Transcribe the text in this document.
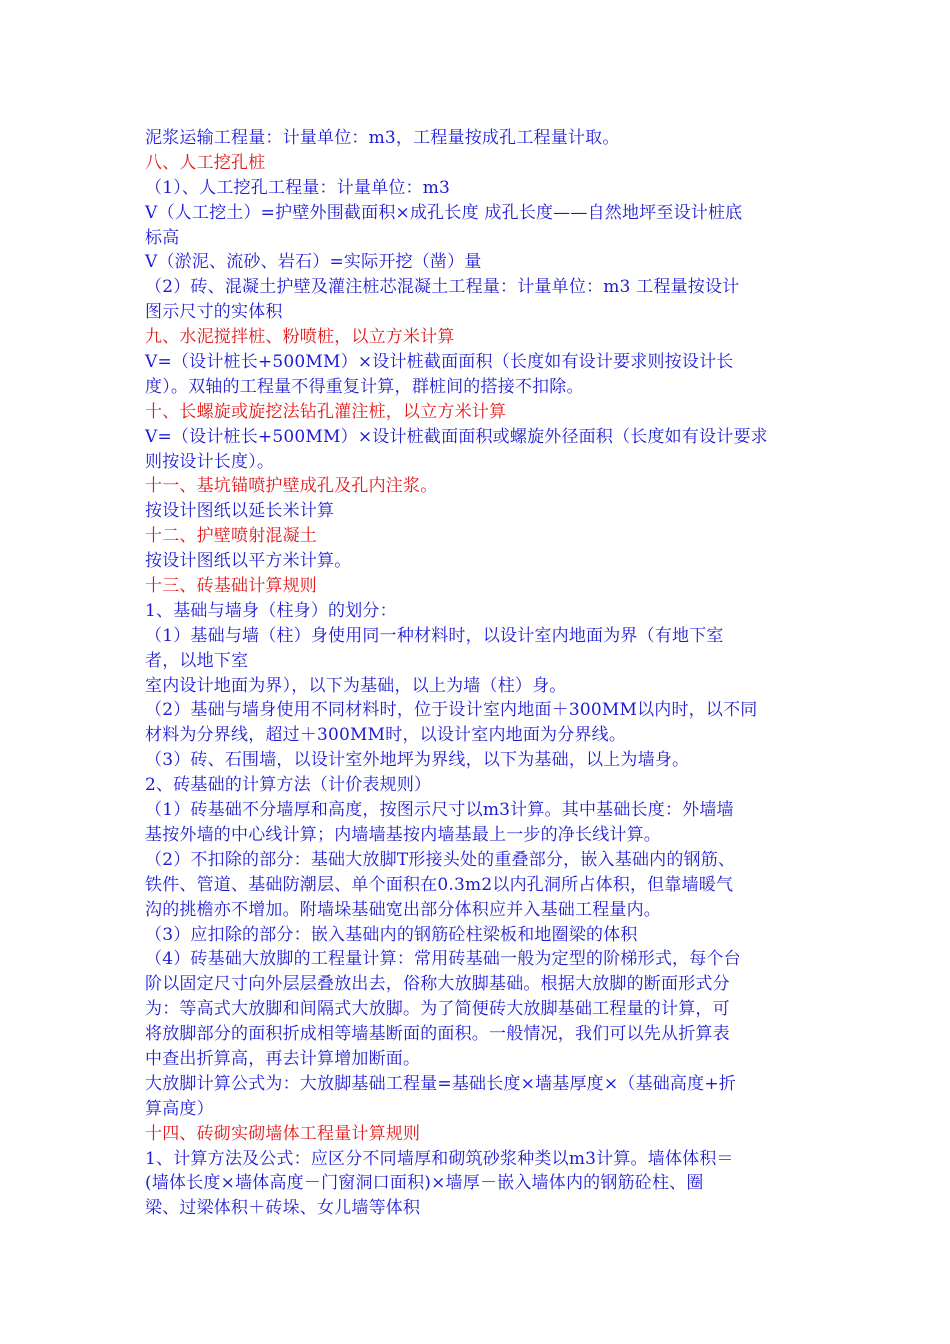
泥浆运输工程量：计量单位：m3，工程量按成孔工程量计取。
八、人工挖孔桩
（1）、人工挖孔工程量：计量单位：m3
V（人工挖土）=护壁外围截面积×成孔长度 成孔长度——自然地坪至设计桩底
标高
V（淤泥、流砂、岩石）=实际开挖（凿）量
（2）砖、混凝土护壁及灌注桩芯混凝土工程量：计量单位：m3 工程量按设计
图示尺寸的实体积
九、水泥搅拌桩、粉喷桩，以立方米计算
V=（设计桩长+500MM）×设计桩截面面积（长度如有设计要求则按设计长
度）。双轴的工程量不得重复计算，群桩间的搭接不扣除。
十、长螺旋或旋挖法钻孔灌注桩，以立方米计算
V=（设计桩长+500MM）×设计桩截面面积或螺旋外径面积（长度如有设计要求
则按设计长度）。
十一、基坑锚喷护壁成孔及孔内注浆。
按设计图纸以延长米计算
十二、护壁喷射混凝土
按设计图纸以平方米计算。
十三、砖基础计算规则
1、基础与墙身（柱身）的划分：
（1）基础与墙（柱）身使用同一种材料时，以设计室内地面为界（有地下室
者，以地下室
室内设计地面为界），以下为基础，以上为墙（柱）身。
（2）基础与墙身使用不同材料时，位于设计室内地面＋300MM以内时，以不同
材料为分界线，超过＋300MM时，以设计室内地面为分界线。
（3）砖、石围墙，以设计室外地坪为界线，以下为基础，以上为墙身。
2、砖基础的计算方法（计价表规则）
（1）砖基础不分墙厚和高度，按图示尺寸以m3计算。其中基础长度：外墙墙
基按外墙的中心线计算；内墙墙基按内墙基最上一步的净长线计算。
（2）不扣除的部分：基础大放脚T形接头处的重叠部分，嵌入基础内的钢筋、
铁件、管道、基础防潮层、单个面积在0.3m2以内孔洞所占体积，但靠墙暖气
沟的挑檐亦不增加。附墙垛基础宽出部分体积应并入基础工程量内。
（3）应扣除的部分：嵌入基础内的钢筋砼柱梁板和地圈梁的体积
（4）砖基础大放脚的工程量计算：常用砖基础一般为定型的阶梯形式，每个台
阶以固定尺寸向外层层叠放出去，俗称大放脚基础。根据大放脚的断面形式分
为：等高式大放脚和间隔式大放脚。为了简便砖大放脚基础工程量的计算，可
将放脚部分的面积折成相等墙基断面的面积。一般情况，我们可以先从折算表
中查出折算高，再去计算增加断面。
大放脚计算公式为：大放脚基础工程量=基础长度×墙基厚度×（基础高度+折
算高度）
十四、砖砌实砌墙体工程量计算规则
1、计算方法及公式：应区分不同墙厚和砌筑砂浆种类以m3计算。墙体体积＝
(墙体长度×墙体高度－门窗洞口面积)×墙厚－嵌入墙体内的钢筋砼柱、圈
梁、过梁体积＋砖垛、女儿墙等体积
